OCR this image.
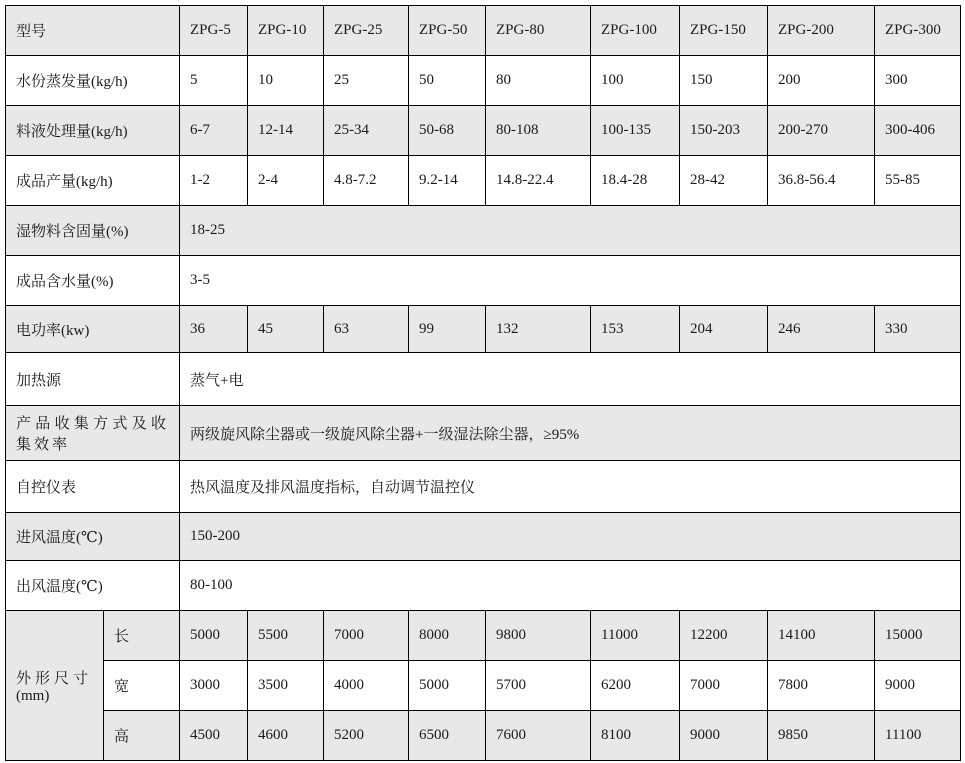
型号		ZPG-5	ZPG-10	ZPG-25	ZPG-50	ZPG-80	ZPG-100	ZPG-150	ZPG-200	ZPG-300
水份蒸发量(kg/h)		5	10	25	50	80	100	150	200	300
料液处理量(kg/h)		6-7	12-14	25-34	50-68	80-108	100-135	150-203	200-270	300-406
成品产量(kg/h)		1-2	2-4	4.8-7.2	9.2-14	14.8-22.4	18.4-28	28-42	36.8-56.4	55-85
湿物料含固量(%)		18-25								
成品含水量(%)		3-5								
电功率(kw)		36	45	63	99	132	153	204	246	330
加热源		蒸气+电								
产品收集方式及收集效率		两级旋风除尘器或一级旋风除尘器+一级湿法除尘器，≥95%								
自控仪表		热风温度及排风温度指标，自动调节温控仪								
进风温度(℃)		150-200								
出风温度(℃)		80-100								

外形尺寸
(mm)	长	5000	5500	7000	8000	9800	11000	12200	14100	15000
	宽	3000	3500	4000	5000	5700	6200	7000	7800	9000
	高	4500	4600	5200	6500	7600	8100	9000	9850	11100
